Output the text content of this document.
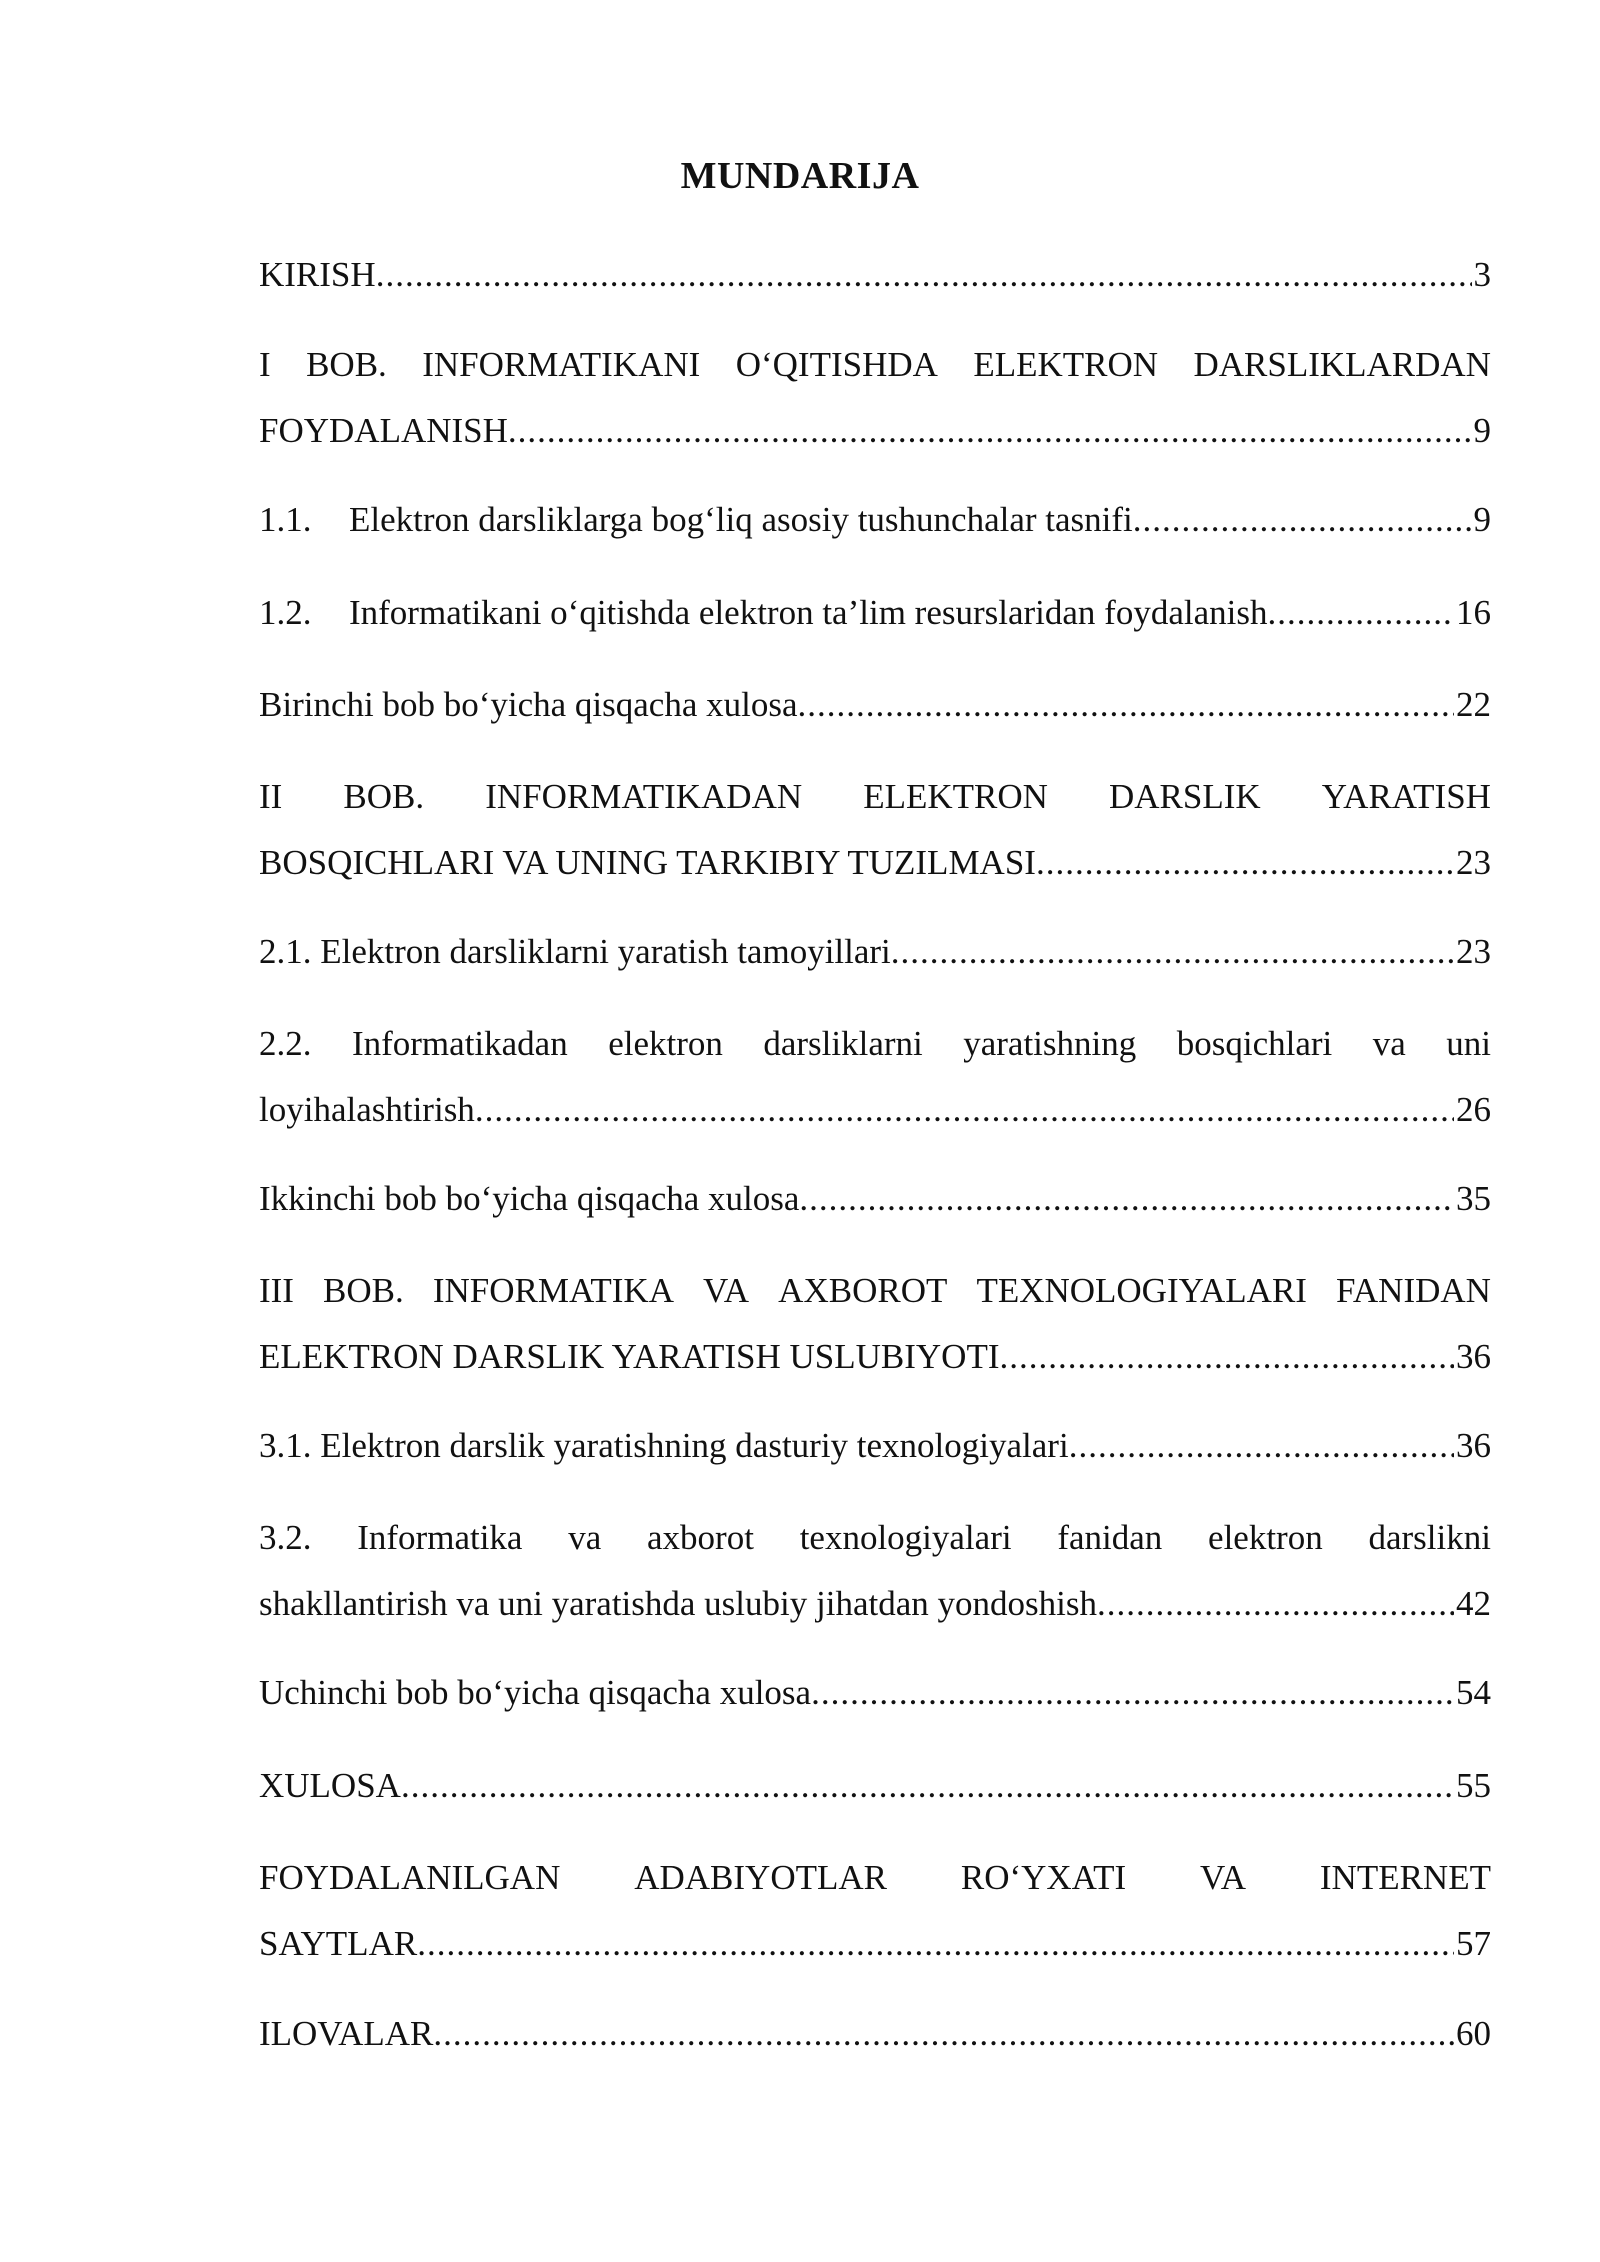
MUNDARIJA
KIRISH .....	3
I BOB. INFORMATIKANI O‘QITISHDA ELEKTRON DARSLIKLARDAN
FOYDALANISH .....	9
1.1. Elektron darsliklarga bog‘liq asosiy tushunchalar tasnifi .....	9
1.2. Informatikani o‘qitishda elektron ta’lim resurslaridan foydalanish .....	16
Birinchi bob bo‘yicha qisqacha xulosa .....	22
II BOB. INFORMATIKADAN ELEKTRON DARSLIK YARATISH
BOSQICHLARI VA UNING TARKIBIY TUZILMASI .....	23
2.1. Elektron darsliklarni yaratish tamoyillari .....	23
2.2. Informatikadan elektron darsliklarni yaratishning bosqichlari va uni
loyihalashtirish .....	26
Ikkinchi bob bo‘yicha qisqacha xulosa .....	35
III BOB. INFORMATIKA VA AXBOROT TEXNOLOGIYALARI FANIDAN
ELEKTRON DARSLIK YARATISH USLUBIYOTI .....	36
3.1. Elektron darslik yaratishning dasturiy texnologiyalari .....	36
3.2. Informatika va axborot texnologiyalari fanidan elektron darslikni
shakllantirish va uni yaratishda uslubiy jihatdan yondoshish .....	42
Uchinchi bob bo‘yicha qisqacha xulosa .....	54
XULOSA .....	55
FOYDALANILGAN ADABIYOTLAR RO‘YXATI VA INTERNET
SAYTLAR .....	57
ILOVALAR .....	60
